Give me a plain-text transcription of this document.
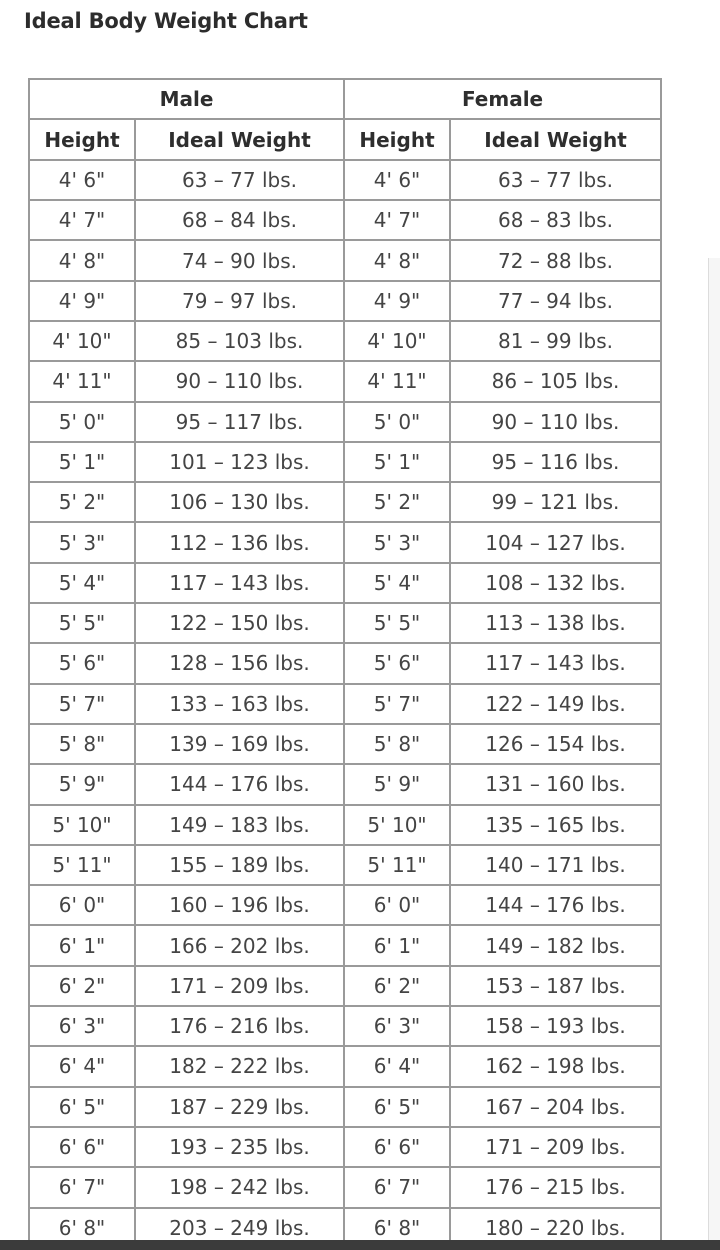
Ideal Body Weight Chart
Male		Female	
Height	Ideal Weight	Height	Ideal Weight
4' 6"	63 – 77 lbs.	4' 6"	63 – 77 lbs.
4' 7"	68 – 84 lbs.	4' 7"	68 – 83 lbs.
4' 8"	74 – 90 lbs.	4' 8"	72 – 88 lbs.
4' 9"	79 – 97 lbs.	4' 9"	77 – 94 lbs.
4' 10"	85 – 103 lbs.	4' 10"	81 – 99 lbs.
4' 11"	90 – 110 lbs.	4' 11"	86 – 105 lbs.
5' 0"	95 – 117 lbs.	5' 0"	90 – 110 lbs.
5' 1"	101 – 123 lbs.	5' 1"	95 – 116 lbs.
5' 2"	106 – 130 lbs.	5' 2"	99 – 121 lbs.
5' 3"	112 – 136 lbs.	5' 3"	104 – 127 lbs.
5' 4"	117 – 143 lbs.	5' 4"	108 – 132 lbs.
5' 5"	122 – 150 lbs.	5' 5"	113 – 138 lbs.
5' 6"	128 – 156 lbs.	5' 6"	117 – 143 lbs.
5' 7"	133 – 163 lbs.	5' 7"	122 – 149 lbs.
5' 8"	139 – 169 lbs.	5' 8"	126 – 154 lbs.
5' 9"	144 – 176 lbs.	5' 9"	131 – 160 lbs.
5' 10"	149 – 183 lbs.	5' 10"	135 – 165 lbs.
5' 11"	155 – 189 lbs.	5' 11"	140 – 171 lbs.
6' 0"	160 – 196 lbs.	6' 0"	144 – 176 lbs.
6' 1"	166 – 202 lbs.	6' 1"	149 – 182 lbs.
6' 2"	171 – 209 lbs.	6' 2"	153 – 187 lbs.
6' 3"	176 – 216 lbs.	6' 3"	158 – 193 lbs.
6' 4"	182 – 222 lbs.	6' 4"	162 – 198 lbs.
6' 5"	187 – 229 lbs.	6' 5"	167 – 204 lbs.
6' 6"	193 – 235 lbs.	6' 6"	171 – 209 lbs.
6' 7"	198 – 242 lbs.	6' 7"	176 – 215 lbs.
6' 8"	203 – 249 lbs.	6' 8"	180 – 220 lbs.
